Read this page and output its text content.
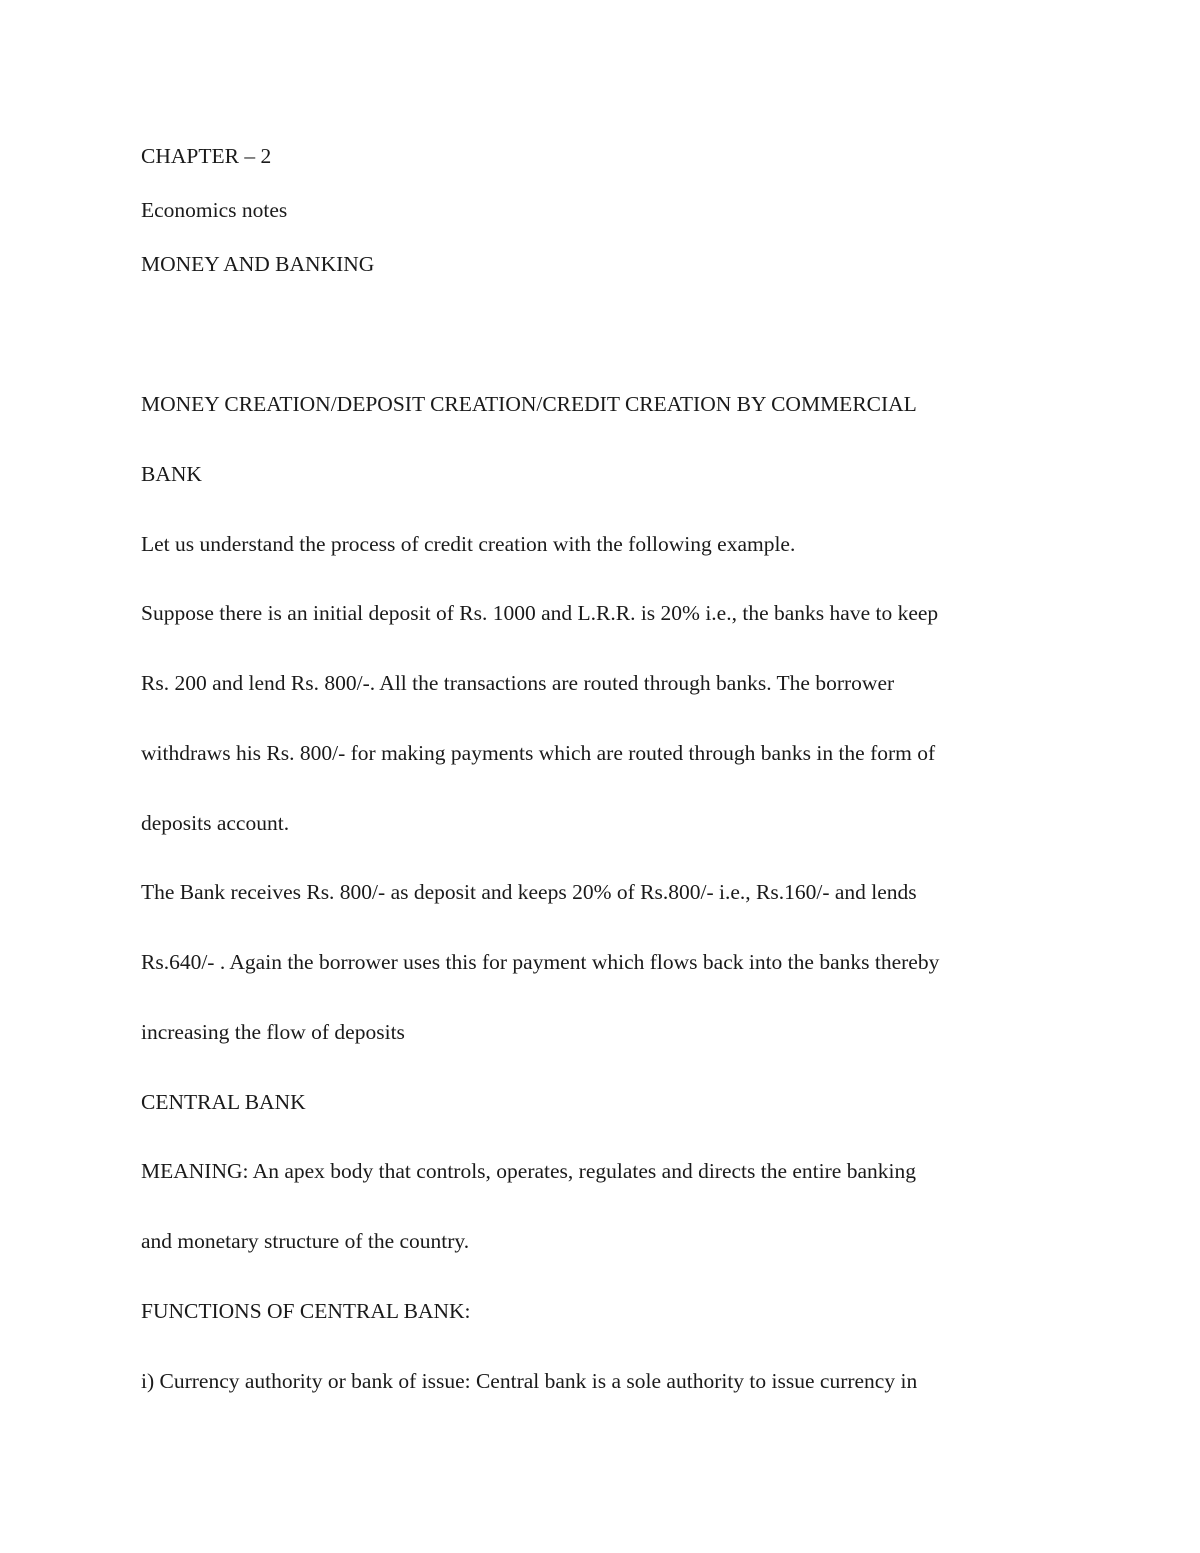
CHAPTER – 2
Economics notes
MONEY AND BANKING
MONEY CREATION/DEPOSIT CREATION/CREDIT CREATION BY COMMERCIAL
BANK
Let us understand the process of credit creation with the following example.
Suppose there is an initial deposit of Rs. 1000 and L.R.R. is 20% i.e., the banks have to keep
Rs. 200 and lend Rs. 800/-. All the transactions are routed through banks. The borrower
withdraws his Rs. 800/- for making payments which are routed through banks in the form of
deposits account.
The Bank receives Rs. 800/- as deposit and keeps 20% of Rs.800/- i.e., Rs.160/- and lends
Rs.640/- . Again the borrower uses this for payment which flows back into the banks thereby
increasing the flow of deposits
CENTRAL BANK
MEANING: An apex body that controls, operates, regulates and directs the entire banking
and monetary structure of the country.
FUNCTIONS OF CENTRAL BANK:
i) Currency authority or bank of issue: Central bank is a sole authority to issue currency in
